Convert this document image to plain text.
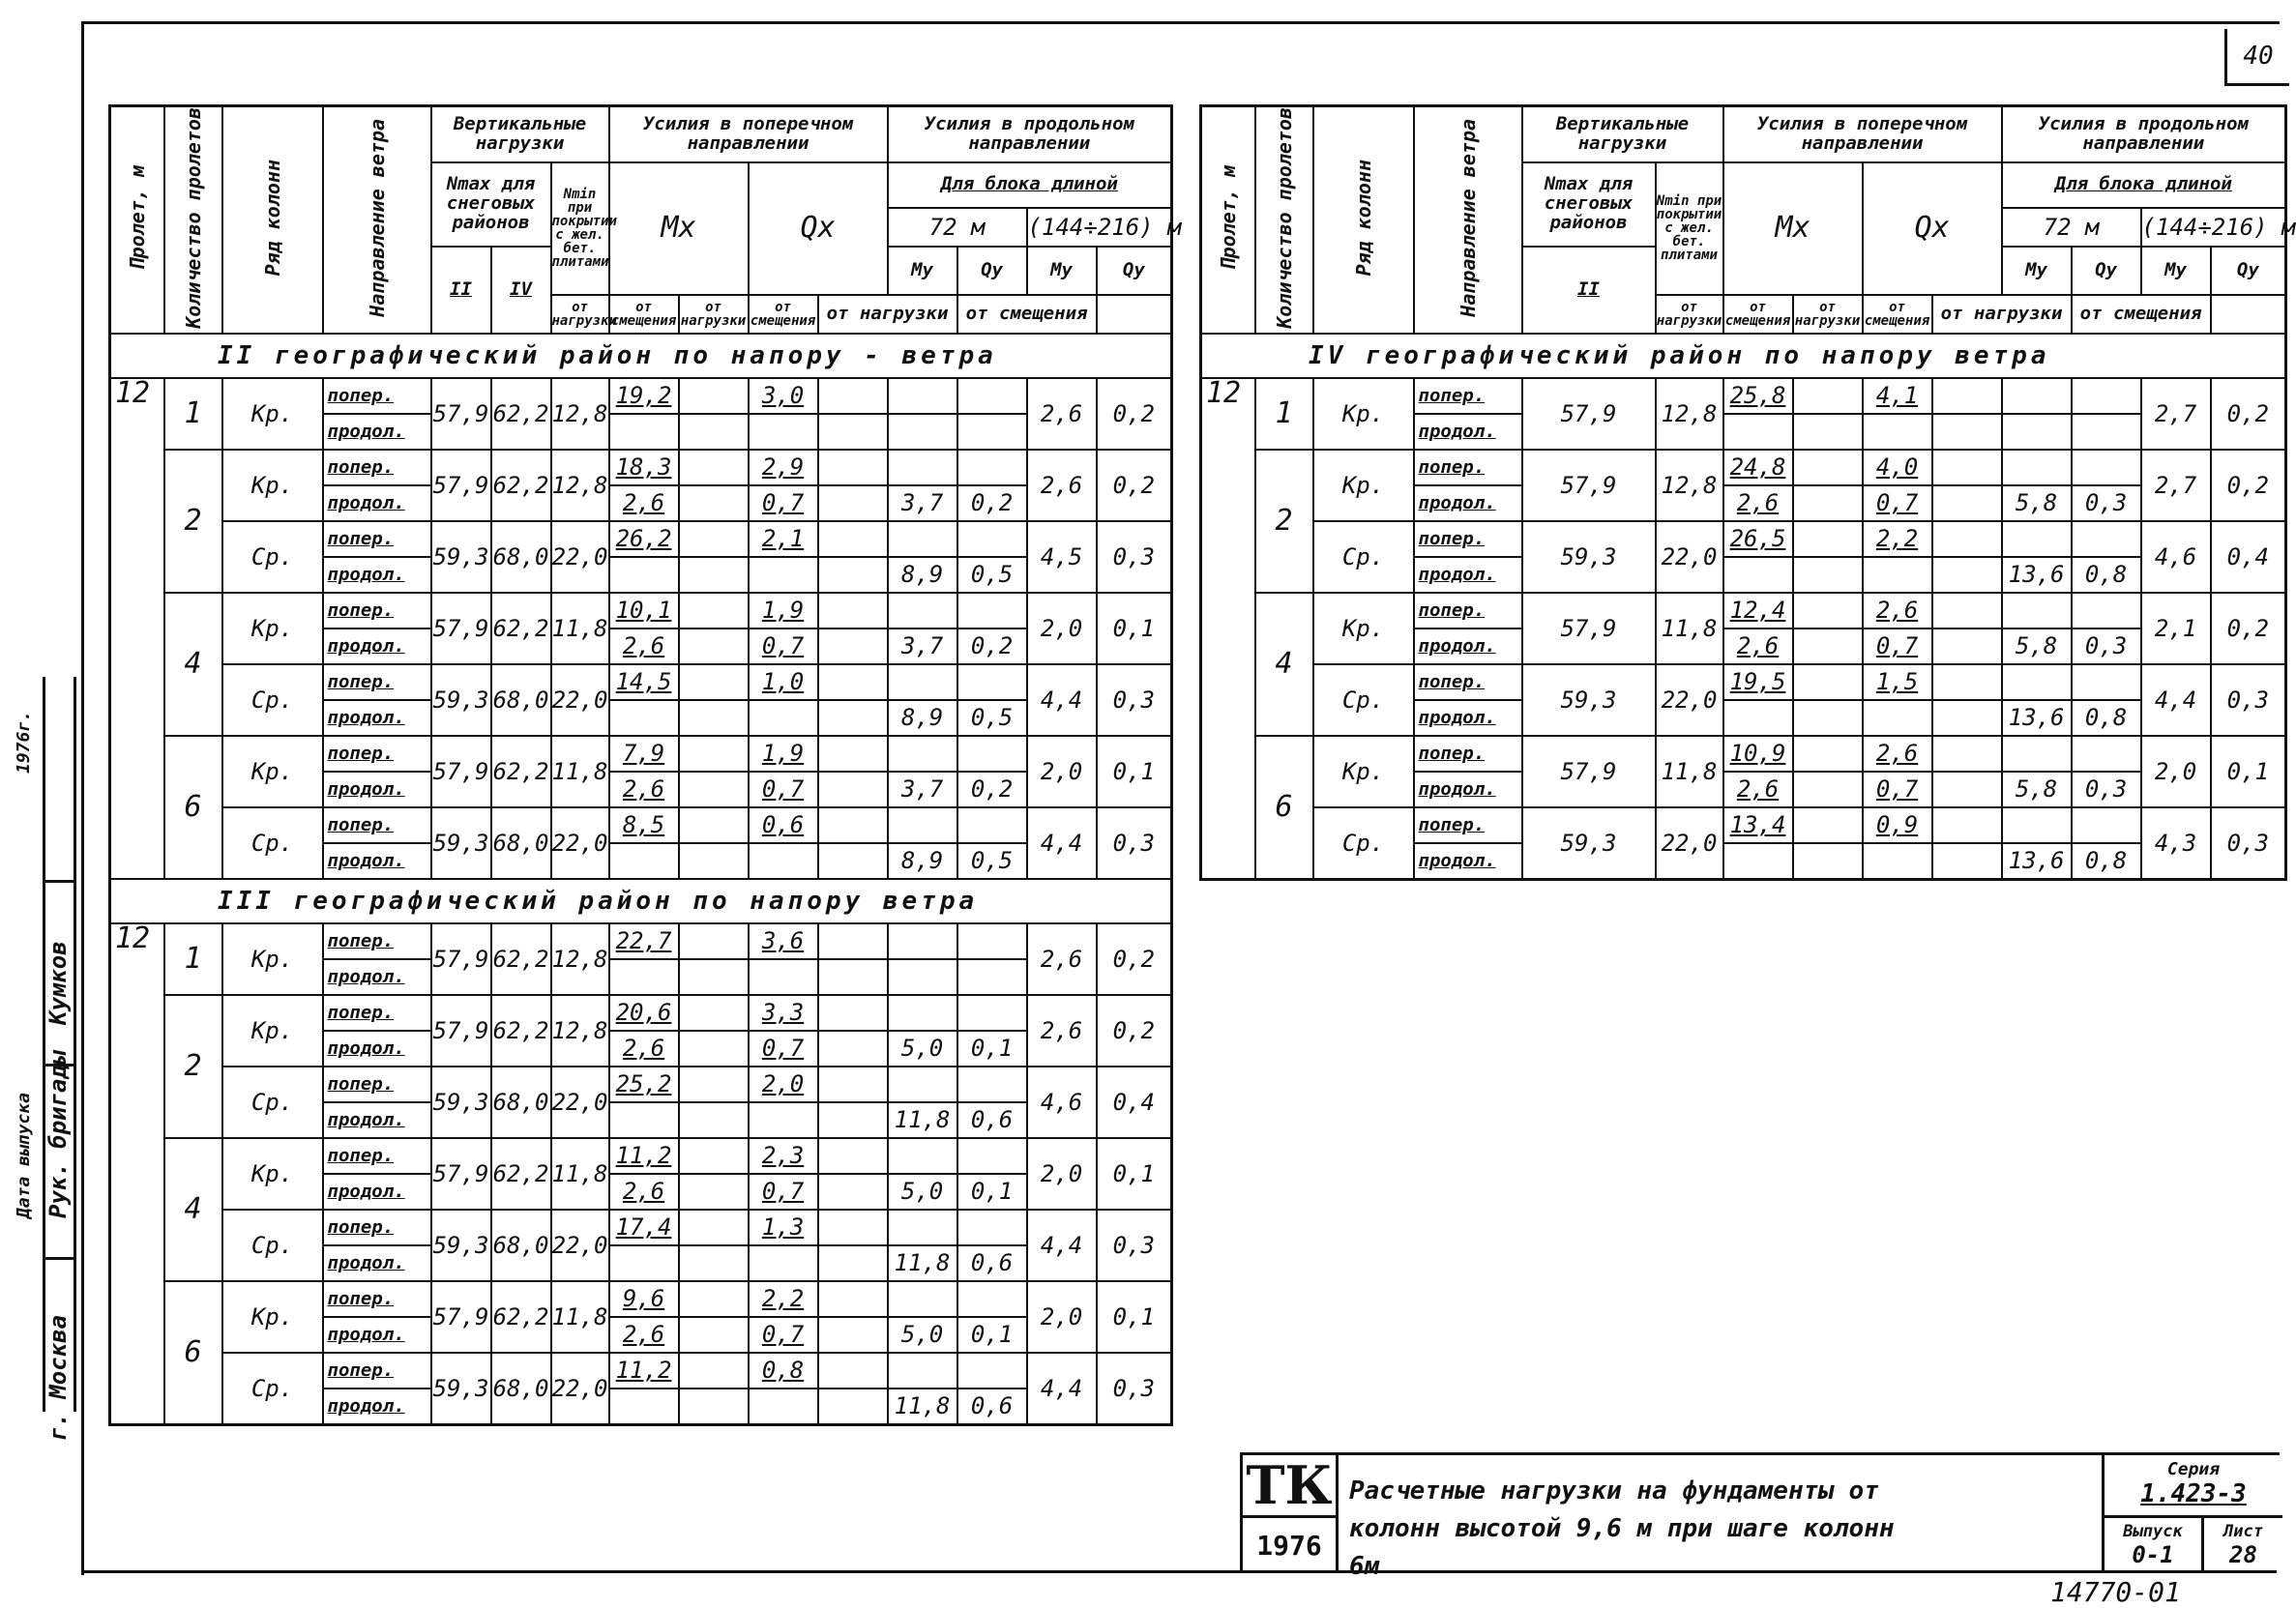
40
г. Москва
Рук. бригады
Кумков
Дата выпуска
1976г.
Пролет, м	Количество пролетов	Ряд колонн	Направление ветра	Вертикальные нагрузки			Усилия в поперечном направлении				Усилия в продольном направлении			
				Nmax для снеговых районов		Nmin при покрытии с жел. бет. плитами	Mx		Qx		Для блока длиной			
											72 м		(144÷216) м	
				II	IV						My	Qy	My	Qy
						от нагрузки	от смещения	от нагрузки	от смещения	от нагрузки		от смещения		
II географический район по напору - ветра														
12	1	Кр.	попер.	57,9	62,2	12,8	19,2		3,0				2,6	0,2
			продол.											
	2	Кр.	попер.	57,9	62,2	12,8	18,3		2,9				2,6	0,2
			продол.				2,6		0,7		3,7	0,2		
		Ср.	попер.	59,3	68,0	22,0	26,2		2,1				4,5	0,3
			продол.								8,9	0,5		
	4	Кр.	попер.	57,9	62,2	11,8	10,1		1,9				2,0	0,1
			продол.				2,6		0,7		3,7	0,2		
		Ср.	попер.	59,3	68,0	22,0	14,5		1,0				4,4	0,3
			продол.								8,9	0,5		
	6	Кр.	попер.	57,9	62,2	11,8	7,9		1,9				2,0	0,1
			продол.				2,6		0,7		3,7	0,2		
		Ср.	попер.	59,3	68,0	22,0	8,5		0,6				4,4	0,3
			продол.								8,9	0,5		
III географический район по напору ветра														
12	1	Кр.	попер.	57,9	62,2	12,8	22,7		3,6				2,6	0,2
			продол.											
	2	Кр.	попер.	57,9	62,2	12,8	20,6		3,3				2,6	0,2
			продол.				2,6		0,7		5,0	0,1		
		Ср.	попер.	59,3	68,0	22,0	25,2		2,0				4,6	0,4
			продол.								11,8	0,6		
	4	Кр.	попер.	57,9	62,2	11,8	11,2		2,3				2,0	0,1
			продол.				2,6		0,7		5,0	0,1		
		Ср.	попер.	59,3	68,0	22,0	17,4		1,3				4,4	0,3
			продол.								11,8	0,6		
	6	Кр.	попер.	57,9	62,2	11,8	9,6		2,2				2,0	0,1
			продол.				2,6		0,7		5,0	0,1		
		Ср.	попер.	59,3	68,0	22,0	11,2		0,8				4,4	0,3
			продол.								11,8	0,6		
Пролет, м	Количество пролетов	Ряд колонн	Направление ветра	Вертикальные нагрузки		Усилия в поперечном направлении				Усилия в продольном направлении			
				Nmax для снеговых районов	Nmin при покрытии с жел. бет. плитами	Mx		Qx		Для блока длиной			
										72 м		(144÷216) м	
				II						My	Qy	My	Qy
					от нагрузки	от смещения	от нагрузки	от смещения	от нагрузки		от смещения		
IV географический район по напору ветра													
12	1	Кр.	попер.	57,9	12,8	25,8		4,1				2,7	0,2
			продол.										
	2	Кр.	попер.	57,9	12,8	24,8		4,0				2,7	0,2
			продол.			2,6		0,7		5,8	0,3		
		Ср.	попер.	59,3	22,0	26,5		2,2				4,6	0,4
			продол.							13,6	0,8		
	4	Кр.	попер.	57,9	11,8	12,4		2,6				2,1	0,2
			продол.			2,6		0,7		5,8	0,3		
		Ср.	попер.	59,3	22,0	19,5		1,5				4,4	0,3
			продол.							13,6	0,8		
	6	Кр.	попер.	57,9	11,8	10,9		2,6				2,0	0,1
			продол.			2,6		0,7		5,8	0,3		
		Ср.	попер.	59,3	22,0	13,4		0,9				4,3	0,3
			продол.							13,6	0,8		
ТК
1976
Расчетные нагрузки на фундаменты от колонн высотой 9,6 м при шаге колонн 6м
Серия
1.423-3
Выпуск
0-1
Лист
28
14770-01
